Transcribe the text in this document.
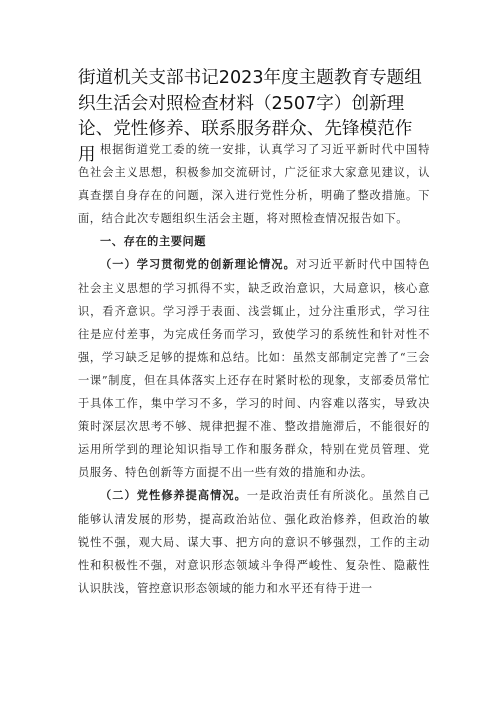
街道机关支部书记2023年度主题教育专题组织生活会对照检查材料（2507字）创新理论、党性修养、联系服务群众、先锋模范作用 根据街道党工委的统一安排，认真学习了习近平新时代中国特色社会主义思想，积极参加交流研讨，广泛征求大家意见建议，认真查摆自身存在的问题，深入进行党性分析，明确了整改措施。下面，结合此次专题组织生活会主题，将对照检查情况报告如下。

一、存在的主要问题

（一）学习贯彻党的创新理论情况。对习近平新时代中国特色社会主义思想的学习抓得不实，缺乏政治意识，大局意识，核心意识，看齐意识。学习浮于表面、浅尝辄止，过分注重形式，学习往往是应付差事，为完成任务而学习，致使学习的系统性和针对性不强，学习缺乏足够的提炼和总结。比如：虽然支部制定完善了“三会一课”制度，但在具体落实上还存在时紧时松的现象，支部委员常忙于具体工作，集中学习不多，学习的时间、内容难以落实，导致决策时深层次思考不够、规律把握不准、整改措施滞后，不能很好的运用所学到的理论知识指导工作和服务群众，特别在党员管理、党员服务、特色创新等方面提不出一些有效的措施和办法。

（二）党性修养提高情况。一是政治责任有所淡化。虽然自己能够认清发展的形势，提高政治站位、强化政治修养，但政治的敏锐性不强，观大局、谋大事、把方向的意识不够强烈，工作的主动性和积极性不强，对意识形态领域斗争得严峻性、复杂性、隐蔽性认识肤浅，管控意识形态领域的能力和水平还有待于进一
